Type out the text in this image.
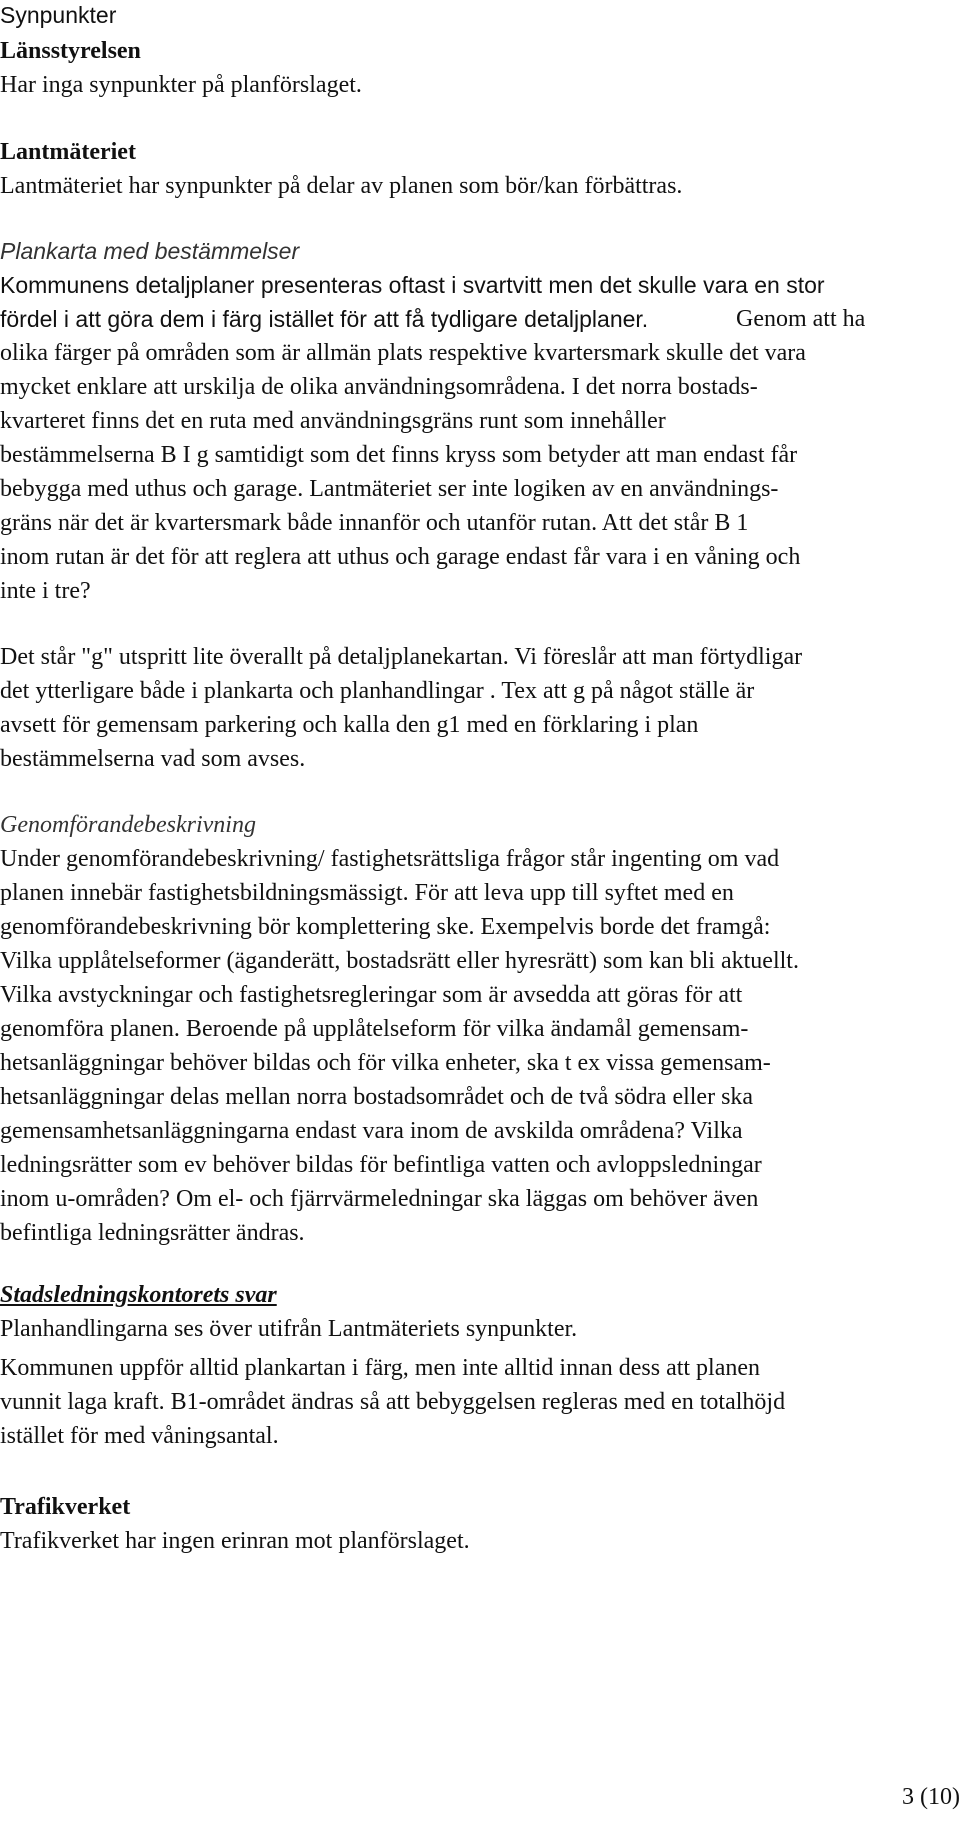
Synpunkter
Länsstyrelsen
Har inga synpunkter på planförslaget.
Lantmäteriet
Lantmäteriet har synpunkter på delar av planen som bör/kan förbättras.
Plankarta med bestämmelser
Kommunens detaljplaner presenteras oftast i svartvitt men det skulle vara en stor
fördel i att göra dem i färg istället för att få tydligare detaljplaner.	Genom att ha
olika färger på områden som är allmän plats respektive kvartersmark skulle det vara
mycket enklare att urskilja de olika användningsområdena. I det norra bostads-
kvarteret finns det en ruta med användningsgräns runt som innehåller
bestämmelserna B I g samtidigt som det finns kryss som betyder att man endast får
bebygga med uthus och garage. Lantmäteriet ser inte logiken av en användnings-
gräns när det är kvartersmark både innanför och utanför rutan. Att det står B 1
inom rutan är det för att reglera att uthus och garage endast får vara i en våning och
inte i tre?
Det står "g" utspritt lite överallt på detaljplanekartan. Vi föreslår att man förtydligar
det ytterligare både i plankarta och planhandlingar . Tex att g på något ställe är
avsett för gemensam parkering och kalla den g1 med en förklaring i plan
bestämmelserna vad som avses.
Genomförandebeskrivning
Under genomförandebeskrivning/ fastighetsrättsliga frågor står ingenting om vad
planen innebär fastighetsbildningsmässigt. För att leva upp till syftet med en
genomförandebeskrivning bör komplettering ske. Exempelvis borde det framgå:
Vilka upplåtelseformer (äganderätt, bostadsrätt eller hyresrätt) som kan bli aktuellt.
Vilka avstyckningar och fastighetsregleringar som är avsedda att göras för att
genomföra planen. Beroende på upplåtelseform för vilka ändamål gemensam-
hetsanläggningar behöver bildas och för vilka enheter, ska t ex vissa gemensam-
hetsanläggningar delas mellan norra bostadsområdet och de två södra eller ska
gemensamhetsanläggningarna endast vara inom de avskilda områdena? Vilka
ledningsrätter som ev behöver bildas för befintliga vatten och avloppsledningar
inom u-områden? Om el- och fjärrvärmeledningar ska läggas om behöver även
befintliga ledningsrätter ändras.
Stadsledningskontorets svar
Planhandlingarna ses över utifrån Lantmäteriets synpunkter.
Kommunen uppför alltid plankartan i färg, men inte alltid innan dess att planen
vunnit laga kraft. B1-området ändras så att bebyggelsen regleras med en totalhöjd
istället för med våningsantal.
Trafikverket
Trafikverket har ingen erinran mot planförslaget.
3 (10)
